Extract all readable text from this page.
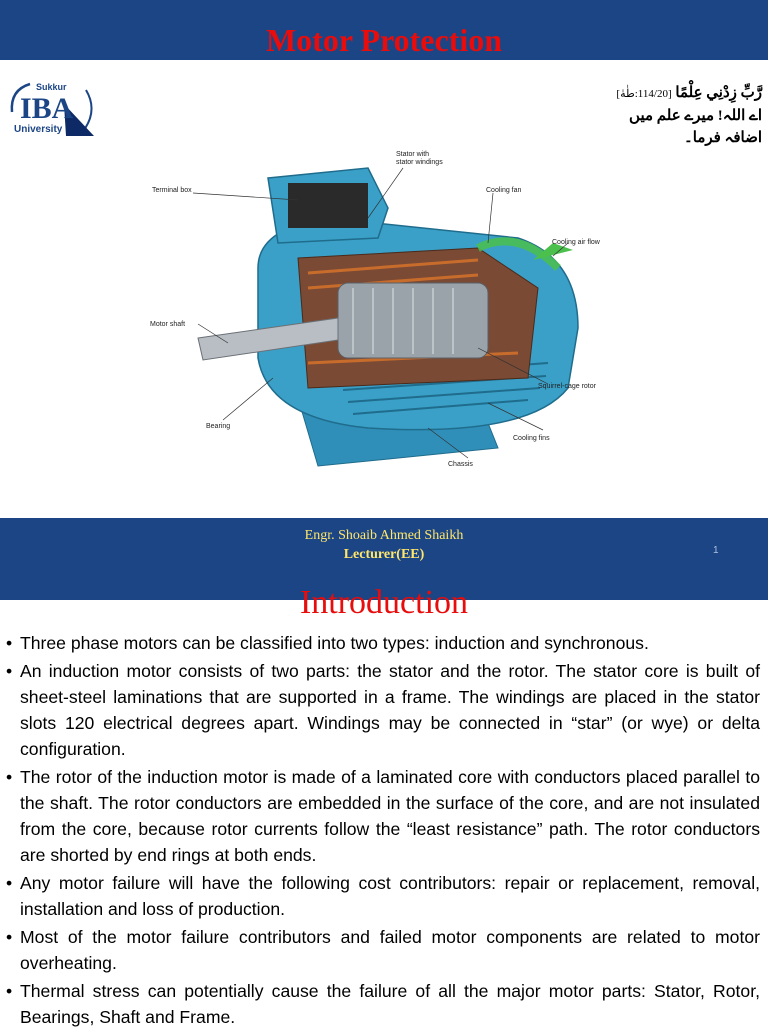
Motor Protection
Sukkur
IBA
University
رَّبِّ زِدْنِي عِلْمًا [114/20:طٰهٰ]
اے اللہ! میرے علم میں اضافہ فرما۔
Stator with
stator windings
Terminal box	Cooling fan
Cooling air flow
Motor shaft
Squirrel-cage rotor
Bearing
Cooling fins
Chassis
Engr. Shoaib Ahmed Shaikh
Lecturer(EE)	1
Introduction
• Three phase motors can be classified into two types: induction and synchronous.
• An induction motor consists of two parts: the stator and the rotor. The stator core is built of sheet-steel laminations that are supported in a frame. The windings are placed in the stator slots 120 electrical degrees apart. Windings may be connected in “star” (or wye) or delta configuration.
• The rotor of the induction motor is made of a laminated core with conductors placed parallel to the shaft. The rotor conductors are embedded in the surface of the core, and are not insulated from the core, because rotor currents follow the “least resistance” path. The rotor conductors are shorted by end rings at both ends.
• Any motor failure will have the following cost contributors: repair or replacement, removal, installation and loss of production.
• Most of the motor failure contributors and failed motor components are related to motor overheating.
• Thermal stress can potentially cause the failure of all the major motor parts: Stator, Rotor, Bearings, Shaft and Frame.
